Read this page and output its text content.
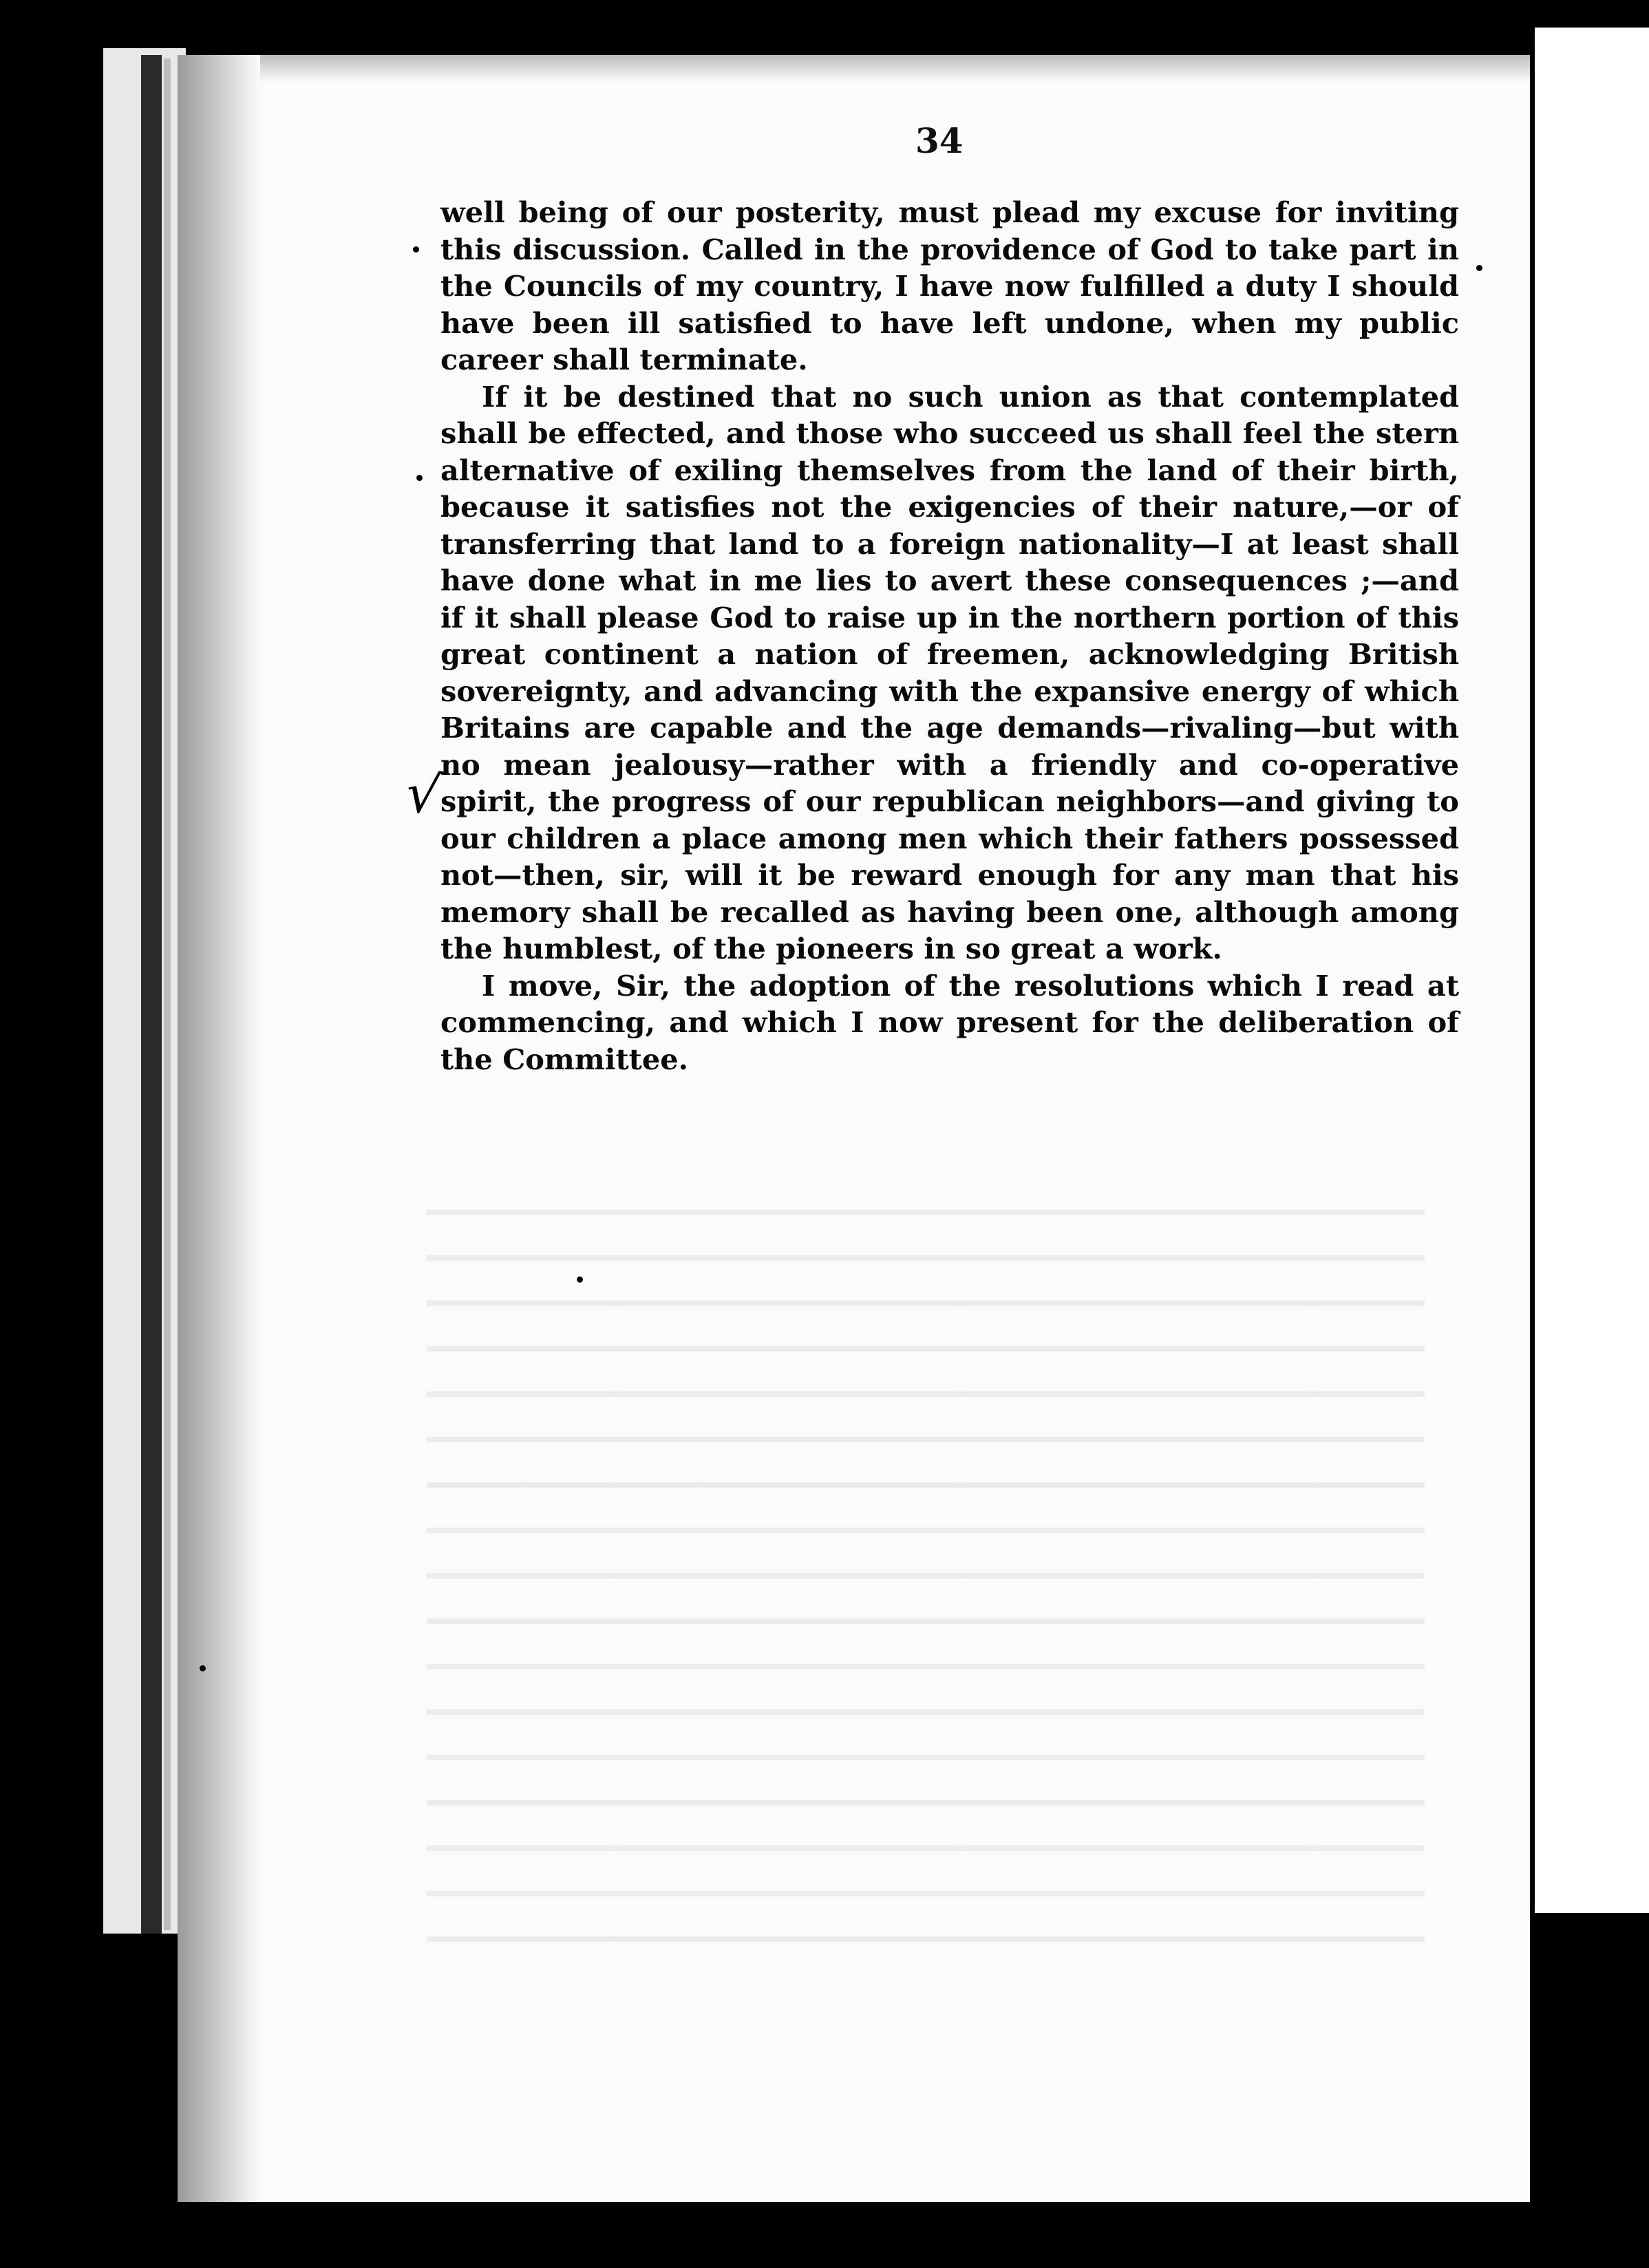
34
√

well being of our posterity, must plead my excuse for inviting this discussion. Called in the providence of God to take part in the Councils of my country, I have now fulfilled a duty I should have been ill satisfied to have left undone, when my public career shall terminate.

If it be destined that no such union as that contemplated shall be effected, and those who succeed us shall feel the stern alternative of exiling themselves from the land of their birth, because it satisfies not the exigencies of their nature,—or of transferring that land to a foreign nationality—I at least shall have done what in me lies to avert these consequences ;—and if it shall please God to raise up in the northern portion of this great continent a nation of freemen, acknowledging British sovereignty, and advancing with the expansive energy of which Britains are capable and the age demands—rivaling—but with no mean jealousy—rather with a friendly and co-operative spirit, the progress of our republican neighbors—and giving to our children a place among men which their fathers possessed not—then, sir, will it be reward enough for any man that his memory shall be recalled as having been one, although among the humblest, of the pioneers in so great a work.

I move, Sir, the adoption of the resolutions which I read at commencing, and which I now present for the deliberation of the Committee.
